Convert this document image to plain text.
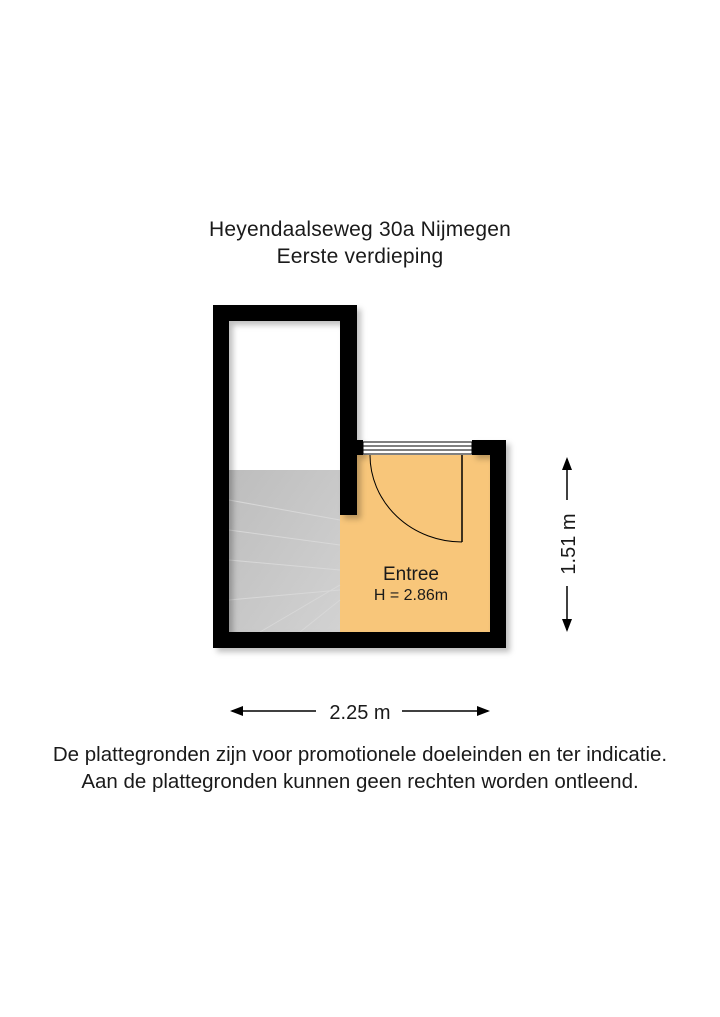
Heyendaalseweg 30a Nijmegen
Eerste verdieping
Entree
H = 2.86m
2.25 m
1.51 m
De plattegronden zijn voor promotionele doeleinden en ter indicatie.
Aan de plattegronden kunnen geen rechten worden ontleend.
